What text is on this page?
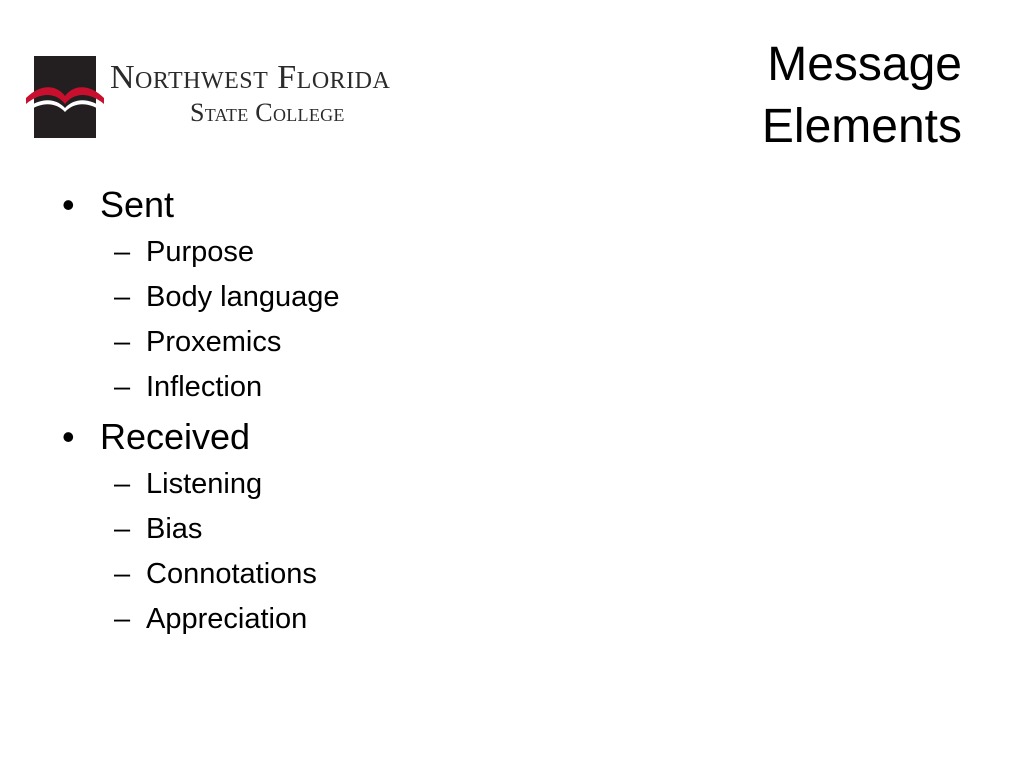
Northwest Florida
State College
Message
Elements
• Sent
– Purpose
– Body language
– Proxemics
– Inflection
• Received
– Listening
– Bias
– Connotations
– Appreciation
